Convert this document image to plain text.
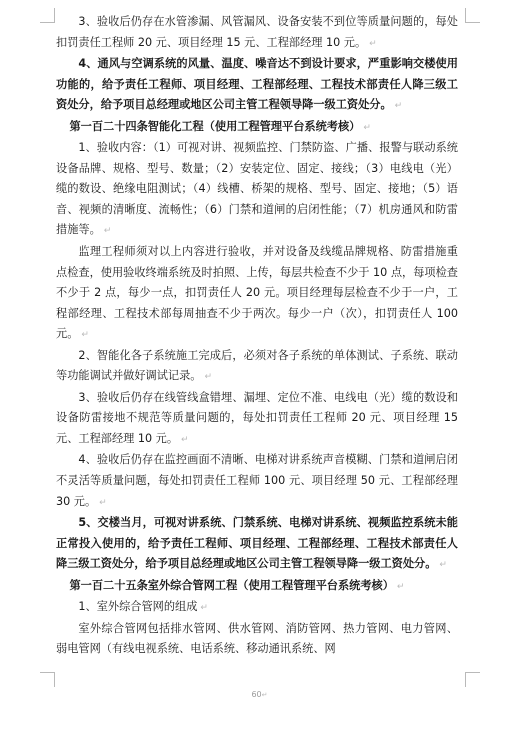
3、验收后仍存在水管渗漏、风管漏风、设备安装不到位等质量问题的，每处扣罚责任工程师 20 元、项目经理 15 元、工程部经理 10 元。 ↵

4、通风与空调系统的风量、温度、噪音达不到设计要求，严重影响交楼使用功能的，给予责任工程师、项目经理、工程部经理、工程技术部责任人降三级工资处分，给予项目总经理或地区公司主管工程领导降一级工资处分。 ↵

第一百二十四条智能化工程（使用工程管理平台系统考核） ↵

1、验收内容：（1）可视对讲、视频监控、门禁防盗、广播、报警与联动系统设备品牌、规格、型号、数量；（2）安装定位、固定、接线；（3）电线电（光）缆的数设、绝缘电阻测试；（4）线槽、桥架的规格、型号、固定、接地；（5）语音、视频的清晰度、流畅性；（6）门禁和道闸的启闭性能；（7）机房通风和防雷措施等。 ↵

监理工程师须对以上内容进行验收，并对设备及线缆品牌规格、防雷措施重点检查，使用验收终端系统及时拍照、上传，每层共检查不少于 10 点，每项检查不少于 2 点，每少一点，扣罚责任人 20 元。项目经理每层检查不少于一户，工程部经理、工程技术部每周抽查不少于两次。每少一户（次），扣罚责任人 100 元。 ↵

2、智能化各子系统施工完成后，必须对各子系统的单体测试、子系统、联动等功能调试并做好调试记录。 ↵

3、验收后仍存在线管线盒错埋、漏埋、定位不准、电线电（光）缆的数设和设备防雷接地不规范等质量问题的，每处扣罚责任工程师 20 元、项目经理 15 元、工程部经理 10 元。 ↵

4、验收后仍存在监控画面不清晰、电梯对讲系统声音模糊、门禁和道闸启闭不灵活等质量问题，每处扣罚责任工程师 100 元、项目经理 50 元、工程部经理 30 元。 ↵

5、交楼当月，可视对讲系统、门禁系统、电梯对讲系统、视频监控系统未能正常投入使用的，给予责任工程师、项目经理、工程部经理、工程技术部责任人降三级工资处分，给予项目总经理或地区公司主管工程领导降一级工资处分。 ↵

第一百二十五条室外综合管网工程（使用工程管理平台系统考核） ↵

1、室外综合管网的组成 ↵

室外综合管网包括排水管网、供水管网、消防管网、热力管网、电力管网、弱电管网（有线电视系统、电话系统、移动通讯系统、网

60↵
